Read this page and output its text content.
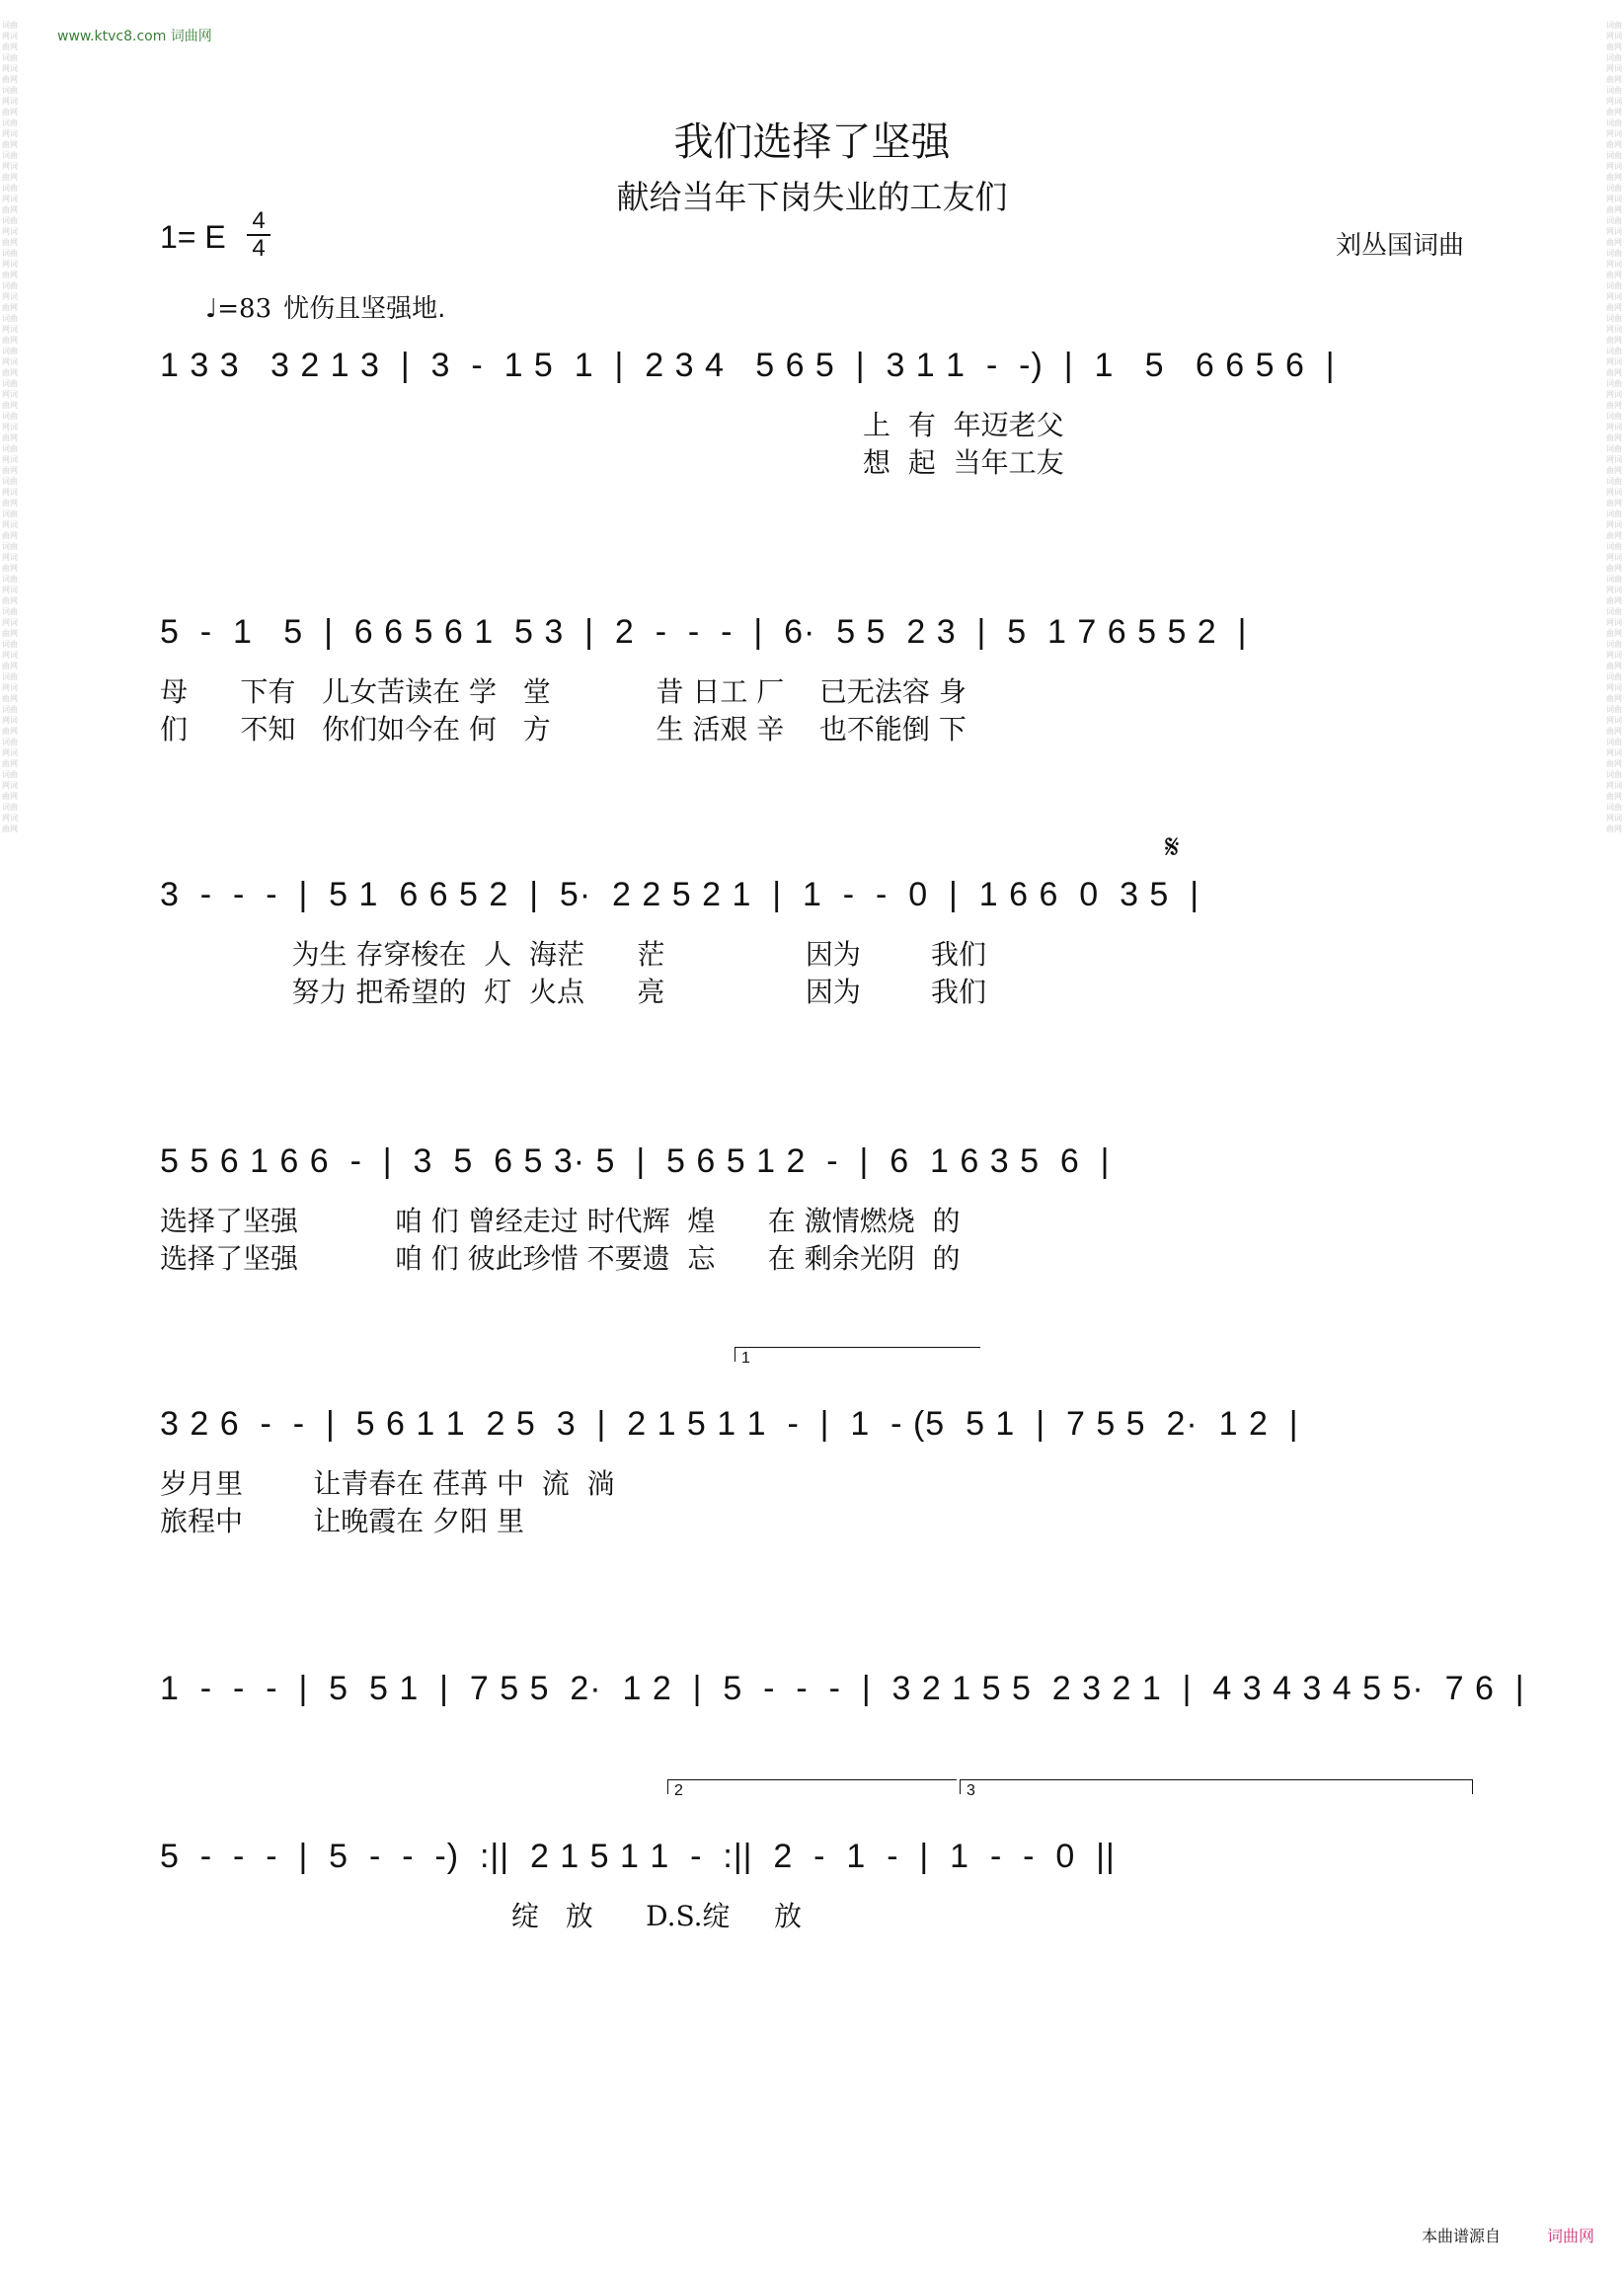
词曲网词曲网词曲网词曲网词曲网词曲网词曲网词曲网词曲网词曲网词曲网词曲网词曲网词曲网词曲网词曲网词曲网词曲网词曲网词曲网词曲网词曲网词曲网词曲网词曲网词曲网词曲网词曲网词曲网词曲网词曲网词曲网词曲网词曲网词曲网词曲网词曲网词曲网词曲网词曲网词曲网词曲网词曲网词曲网词曲网词曲网词曲网词曲网词曲网词曲网
词曲网词曲网词曲网词曲网词曲网词曲网词曲网词曲网词曲网词曲网词曲网词曲网词曲网词曲网词曲网词曲网词曲网词曲网词曲网词曲网词曲网词曲网词曲网词曲网词曲网词曲网词曲网词曲网词曲网词曲网词曲网词曲网词曲网词曲网词曲网词曲网词曲网词曲网词曲网词曲网词曲网词曲网词曲网词曲网词曲网词曲网词曲网词曲网词曲网词曲网
www.ktvc8.com 词曲网
我们选择了坚强
献给当年下岗失业的工友们
1= E 4
4	刘丛国词曲
♩=83 忧伤且坚强地.
1 3 3   3 2 1 3  |  3  -  1 5  1  |  2 3 4   5 6 5  |  3 1 1  -  -)  |  1   5   6 6 5 6  |
上  有  年迈老父
想  起  当年工友
5  -  1   5  |  6 6 5 6 1  5 3  |  2  -  -  -  |  6·  5 5  2 3  |  5  1 7 6 5 5 2  |
母      下有   儿女苦读在 学   堂            昔 日工 厂    已无法容 身
们      不知   你们如今在 何   方            生 活艰 辛    也不能倒 下
𝄋
3  -  -  -  |  5 1  6 6 5 2  |  5·  2 2 5 2 1  |  1  -  -  0  |  1 6 6  0  3 5  |
为生 存穿梭在  人  海茫      茫                因为        我们
努力 把希望的  灯  火点      亮                因为        我们
5 5 6 1 6 6  -  |  3  5  6 5 3· 5  |  5 6 5 1 2  -  |  6  1 6 3 5  6  |
选择了坚强           咱 们 曾经走过 时代辉  煌      在 激情燃烧  的
选择了坚强           咱 们 彼此珍惜 不要遗  忘      在 剩余光阴  的
1
3 2 6  -  -  |  5 6 1 1  2 5  3  |  2 1 5 1 1  -  |  1  - (5  5 1  |  7 5 5  2·  1 2  |
岁月里        让青春在 荏苒 中  流  淌
旅程中        让晚霞在 夕阳 里
1  -  -  -  |  5  5 1  |  7 5 5  2·  1 2  |  5  -  -  -  |  3 2 1 5 5  2 3 2 1  |  4 3 4 3 4 5 5·  7 6  |
2	3
5  -  -  -  |  5  -  -  -)  :||  2 1 5 1 1  -  :||  2  -  1  -  |  1  -  -  0  ||
绽   放      D.S.绽     放
本曲谱源自	词曲网
